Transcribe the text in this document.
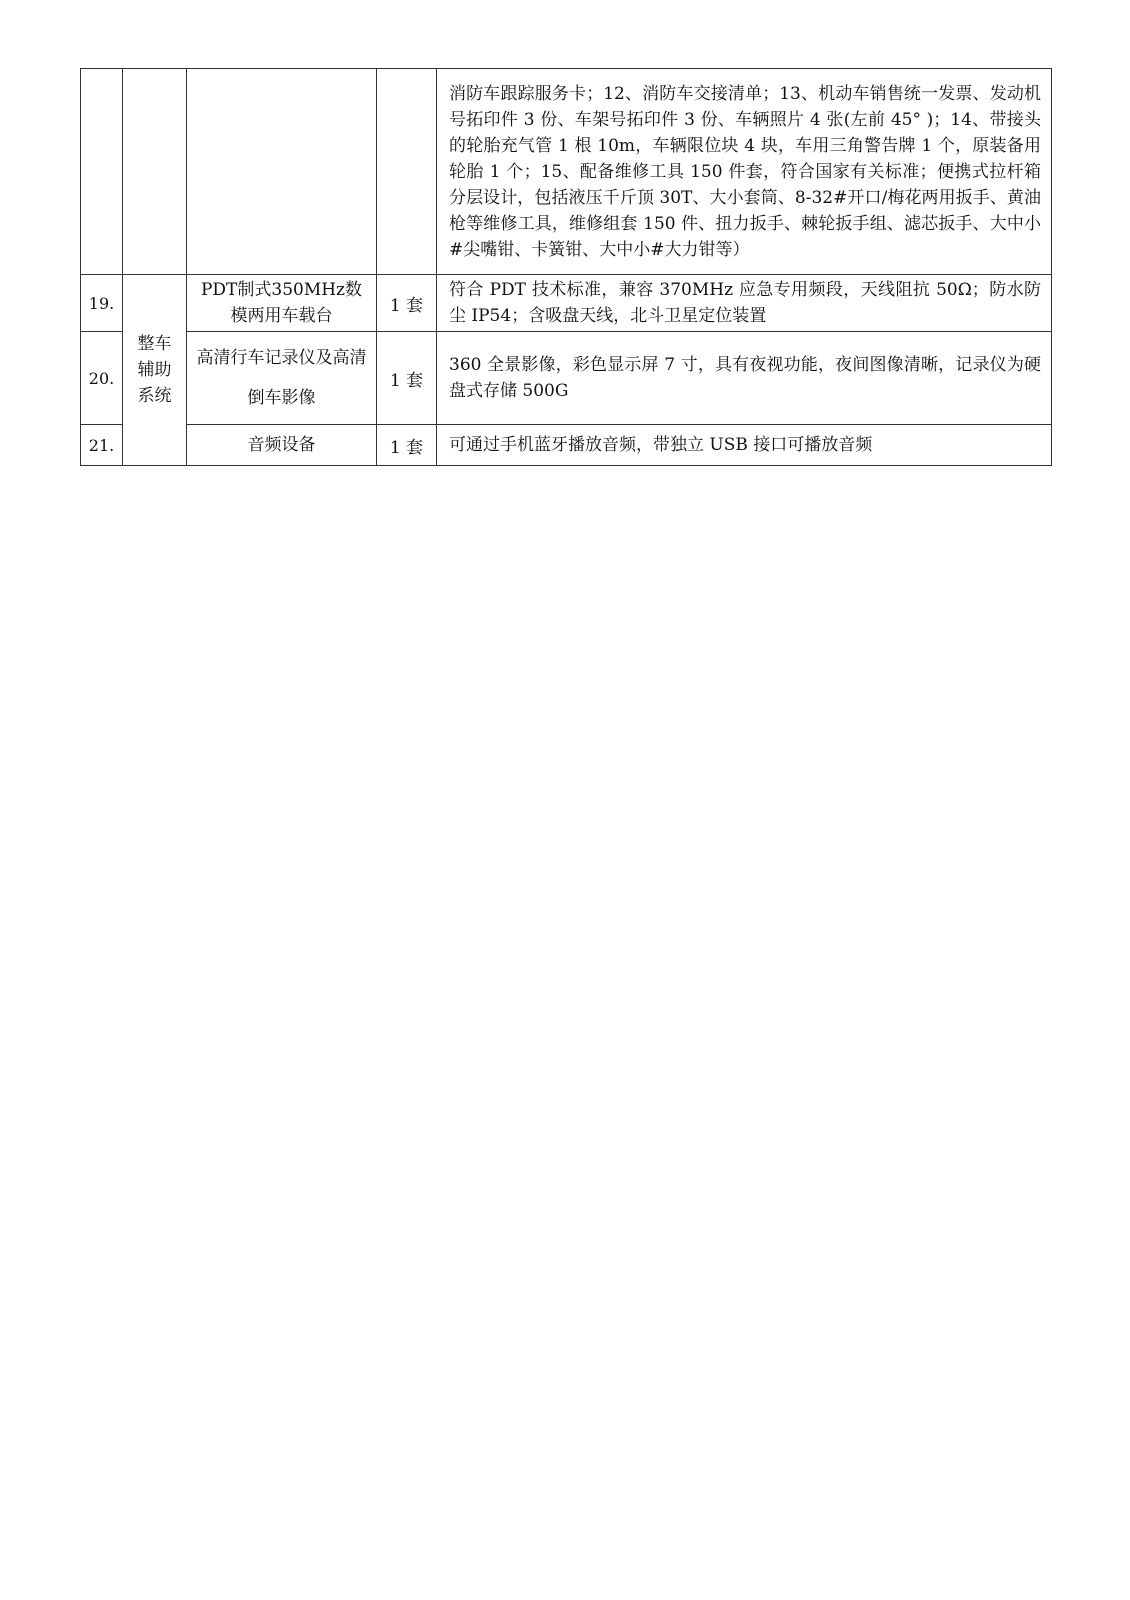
				消防车跟踪服务卡；12、消防车交接清单；13、机动车销售统一发票、发动机号拓印件 3 份、车架号拓印件 3 份、车辆照片 4 张(左前 45° )；14、带接头的轮胎充气管 1 根 10m，车辆限位块 4 块，车用三角警告牌 1 个，原装备用轮胎 1 个；15、配备维修工具 150 件套，符合国家有关标准；便携式拉杆箱分层设计，包括液压千斤顶 30T、大小套筒、8-32#开口/梅花两用扳手、黄油枪等维修工具，维修组套 150 件、扭力扳手、棘轮扳手组、滤芯扳手、大中小#尖嘴钳、卡簧钳、大中小#大力钳等）

19.	整车辅助系统	PDT制式350MHz数模两用车载台	1 套	符合 PDT 技术标准，兼容 370MHz 应急专用频段，天线阻抗 50Ω；防水防尘 IP54；含吸盘天线，北斗卫星定位装置

20.		高清行车记录仪及高清倒车影像	1 套	360 全景影像，彩色显示屏 7 寸，具有夜视功能，夜间图像清晰，记录仪为硬盘式存储 500G

21.		音频设备	1 套	可通过手机蓝牙播放音频，带独立 USB 接口可播放音频
